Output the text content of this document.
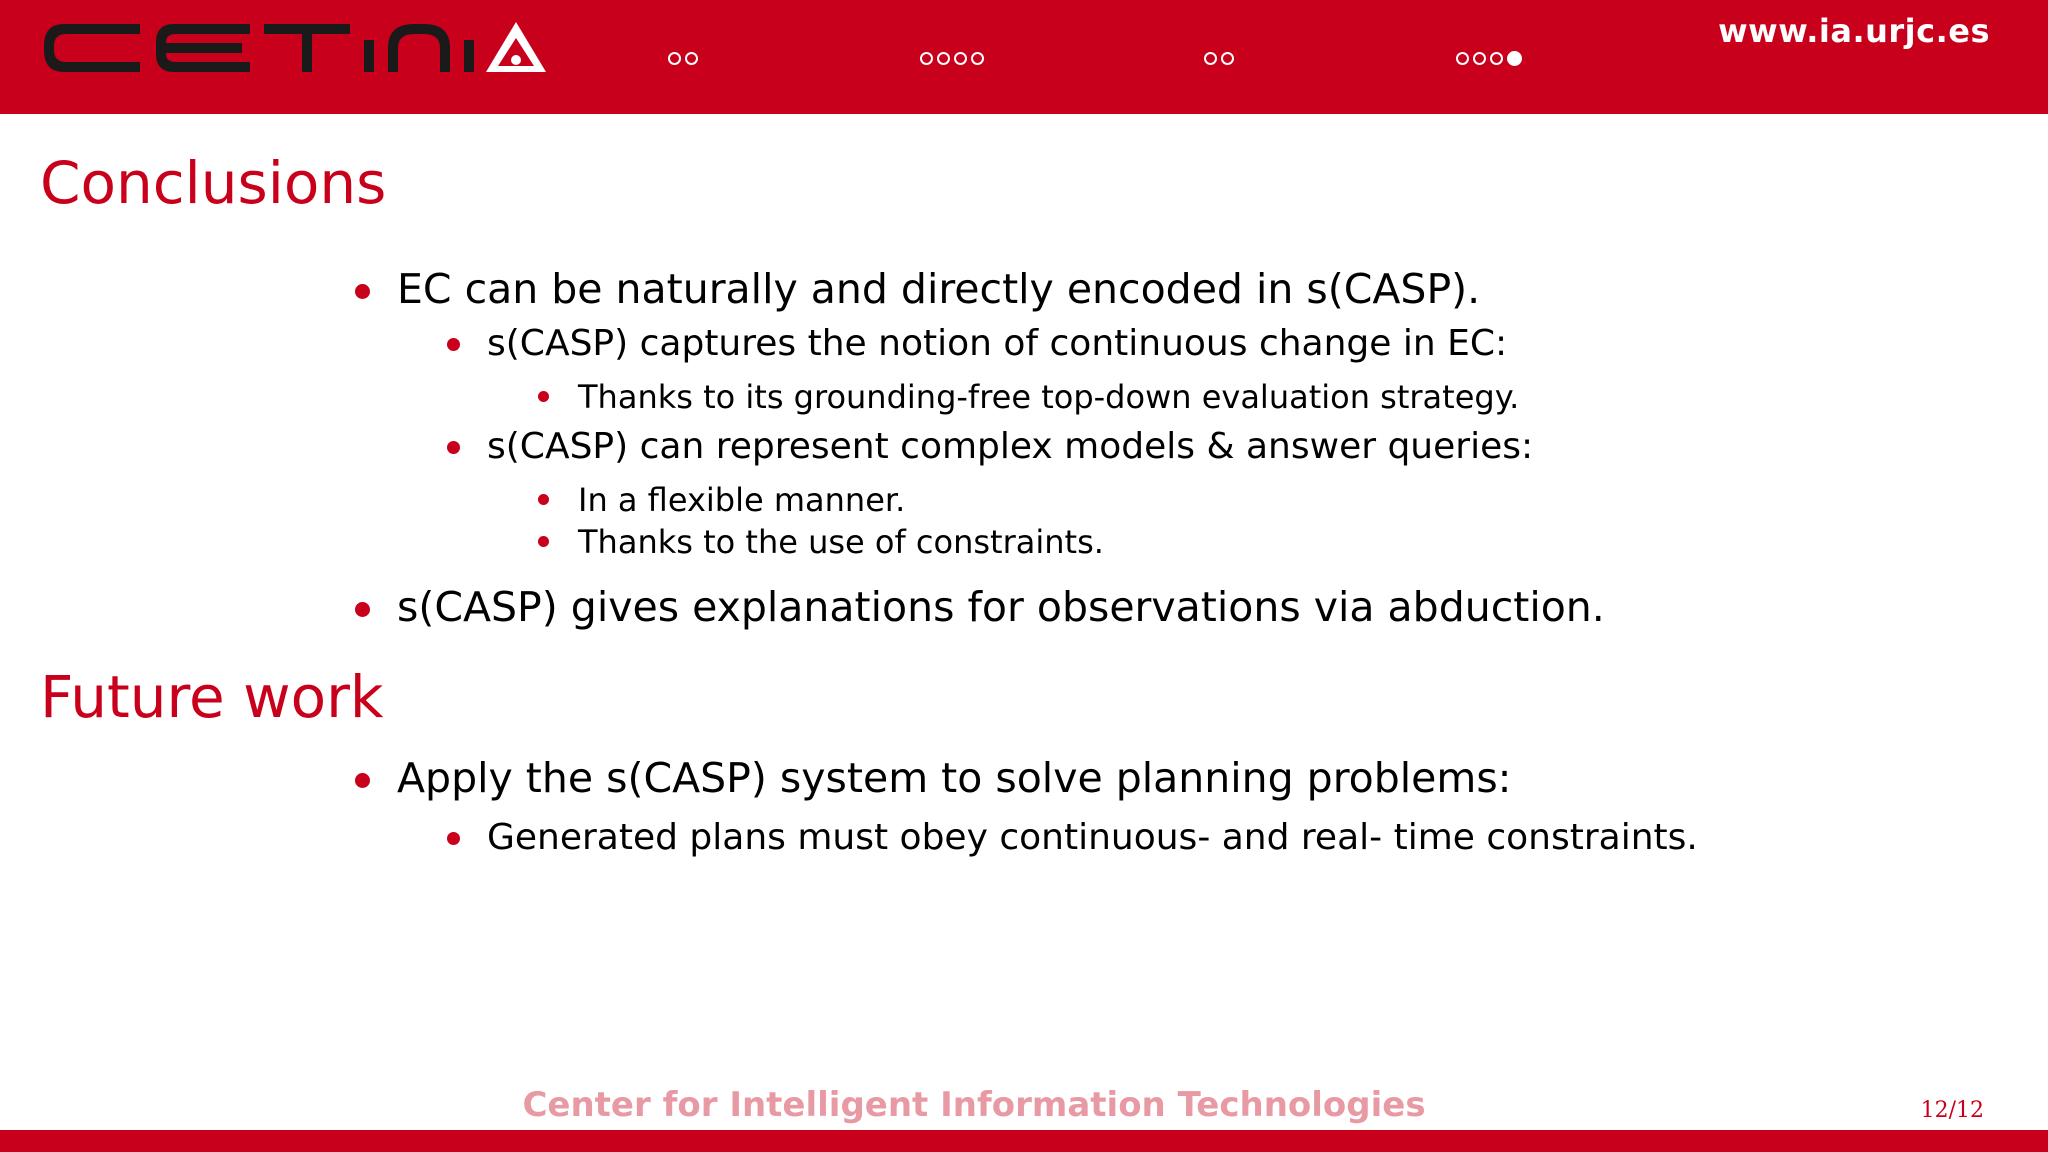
www.ia.urjc.es
Conclusions
EC can be naturally and directly encoded in s(CASP).
s(CASP) captures the notion of continuous change in EC:
Thanks to its grounding-free top-down evaluation strategy.
s(CASP) can represent complex models & answer queries:
In a flexible manner.
Thanks to the use of constraints.
s(CASP) gives explanations for observations via abduction.
Future work
Apply the s(CASP) system to solve planning problems:
Generated plans must obey continuous- and real- time constraints.
Center for Intelligent Information Technologies	12/12
